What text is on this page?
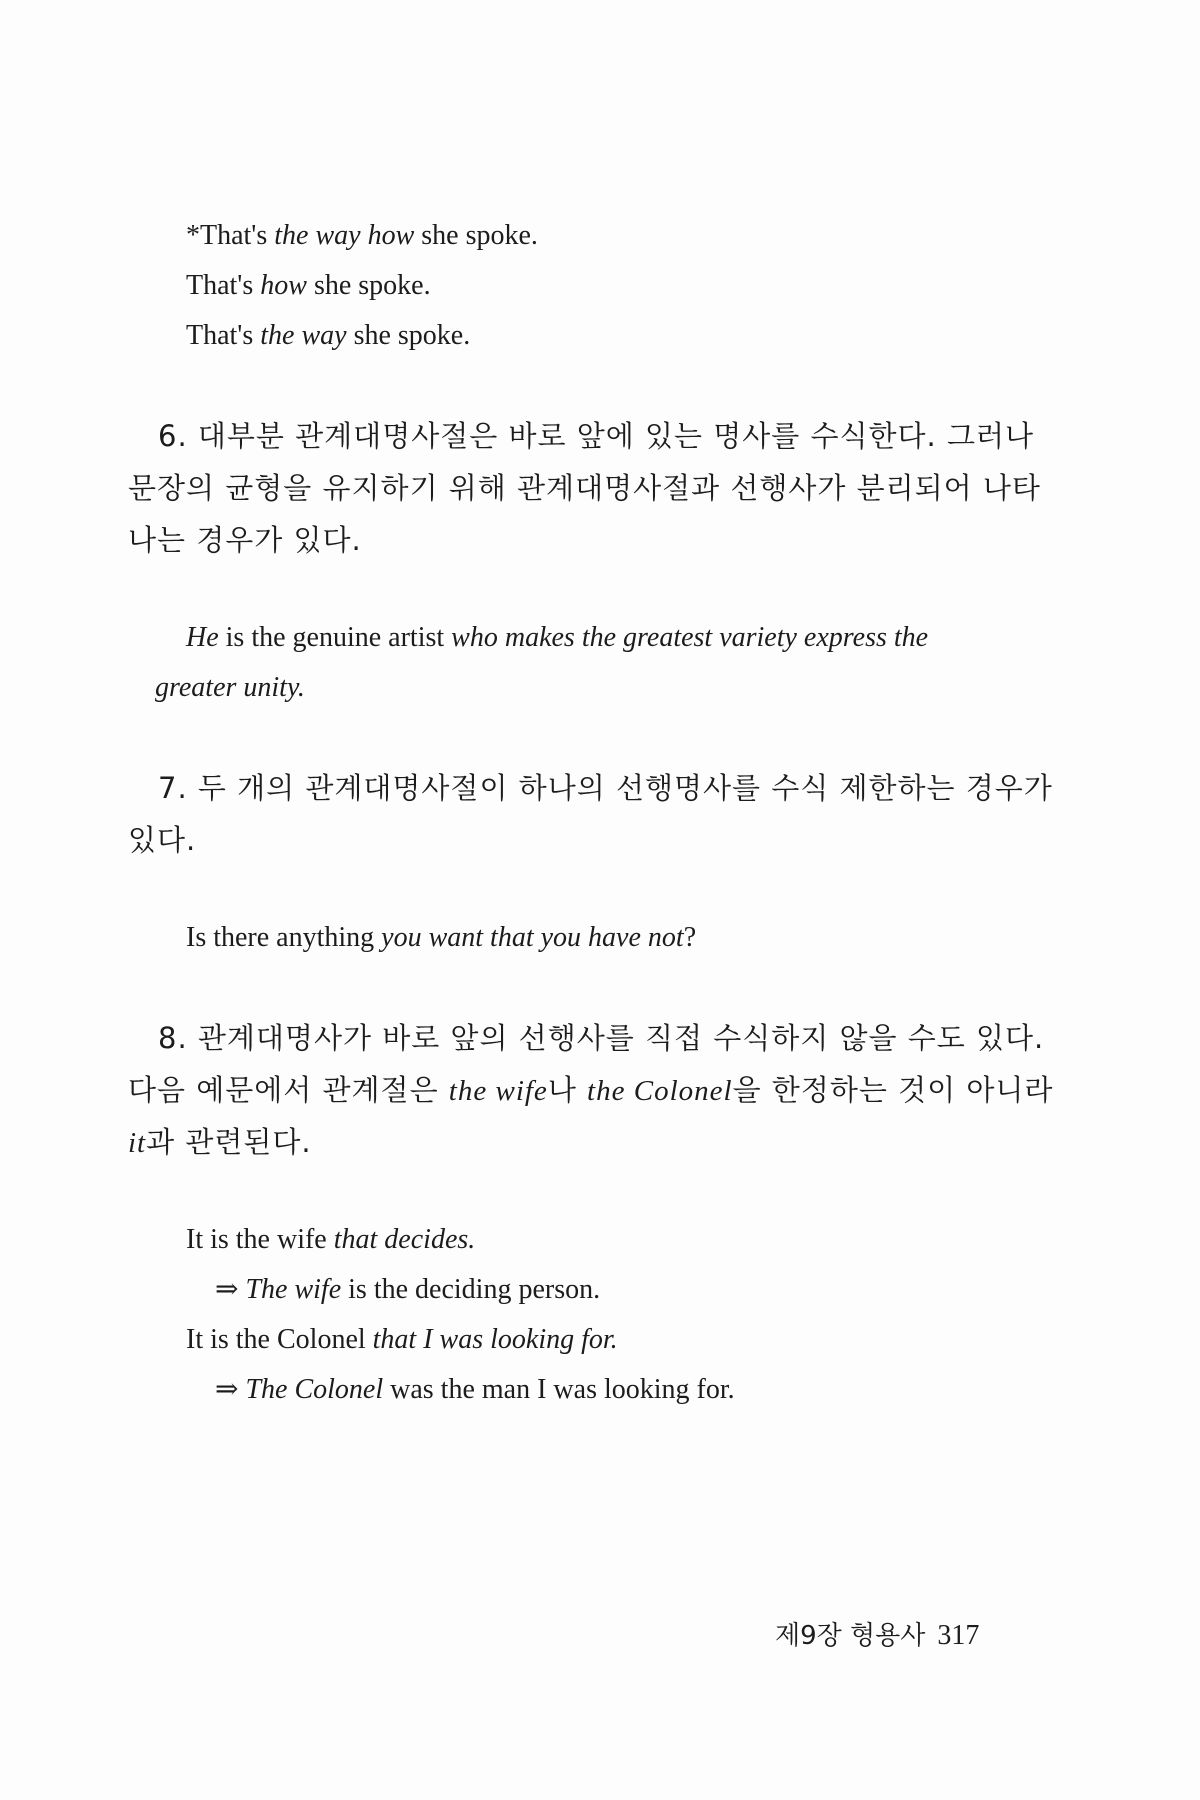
*That's the way how she spoke.
That's how she spoke.
That's the way she spoke.
6. 대부분 관계대명사절은 바로 앞에 있는 명사를 수식한다. 그러나
문장의 균형을 유지하기 위해 관계대명사절과 선행사가 분리되어 나타
나는 경우가 있다.
He is the genuine artist who makes the greatest variety express the
greater unity.
7. 두 개의 관계대명사절이 하나의 선행명사를 수식 제한하는 경우가
있다.
Is there anything you want that you have not?
8. 관계대명사가 바로 앞의 선행사를 직접 수식하지 않을 수도 있다.
다음 예문에서 관계절은 the wife나 the Colonel을 한정하는 것이 아니라
it과 관련된다.
It is the wife that decides.
⇒ The wife is the deciding person.
It is the Colonel that I was looking for.
⇒ The Colonel was the man I was looking for.
제9장 형용사 317
